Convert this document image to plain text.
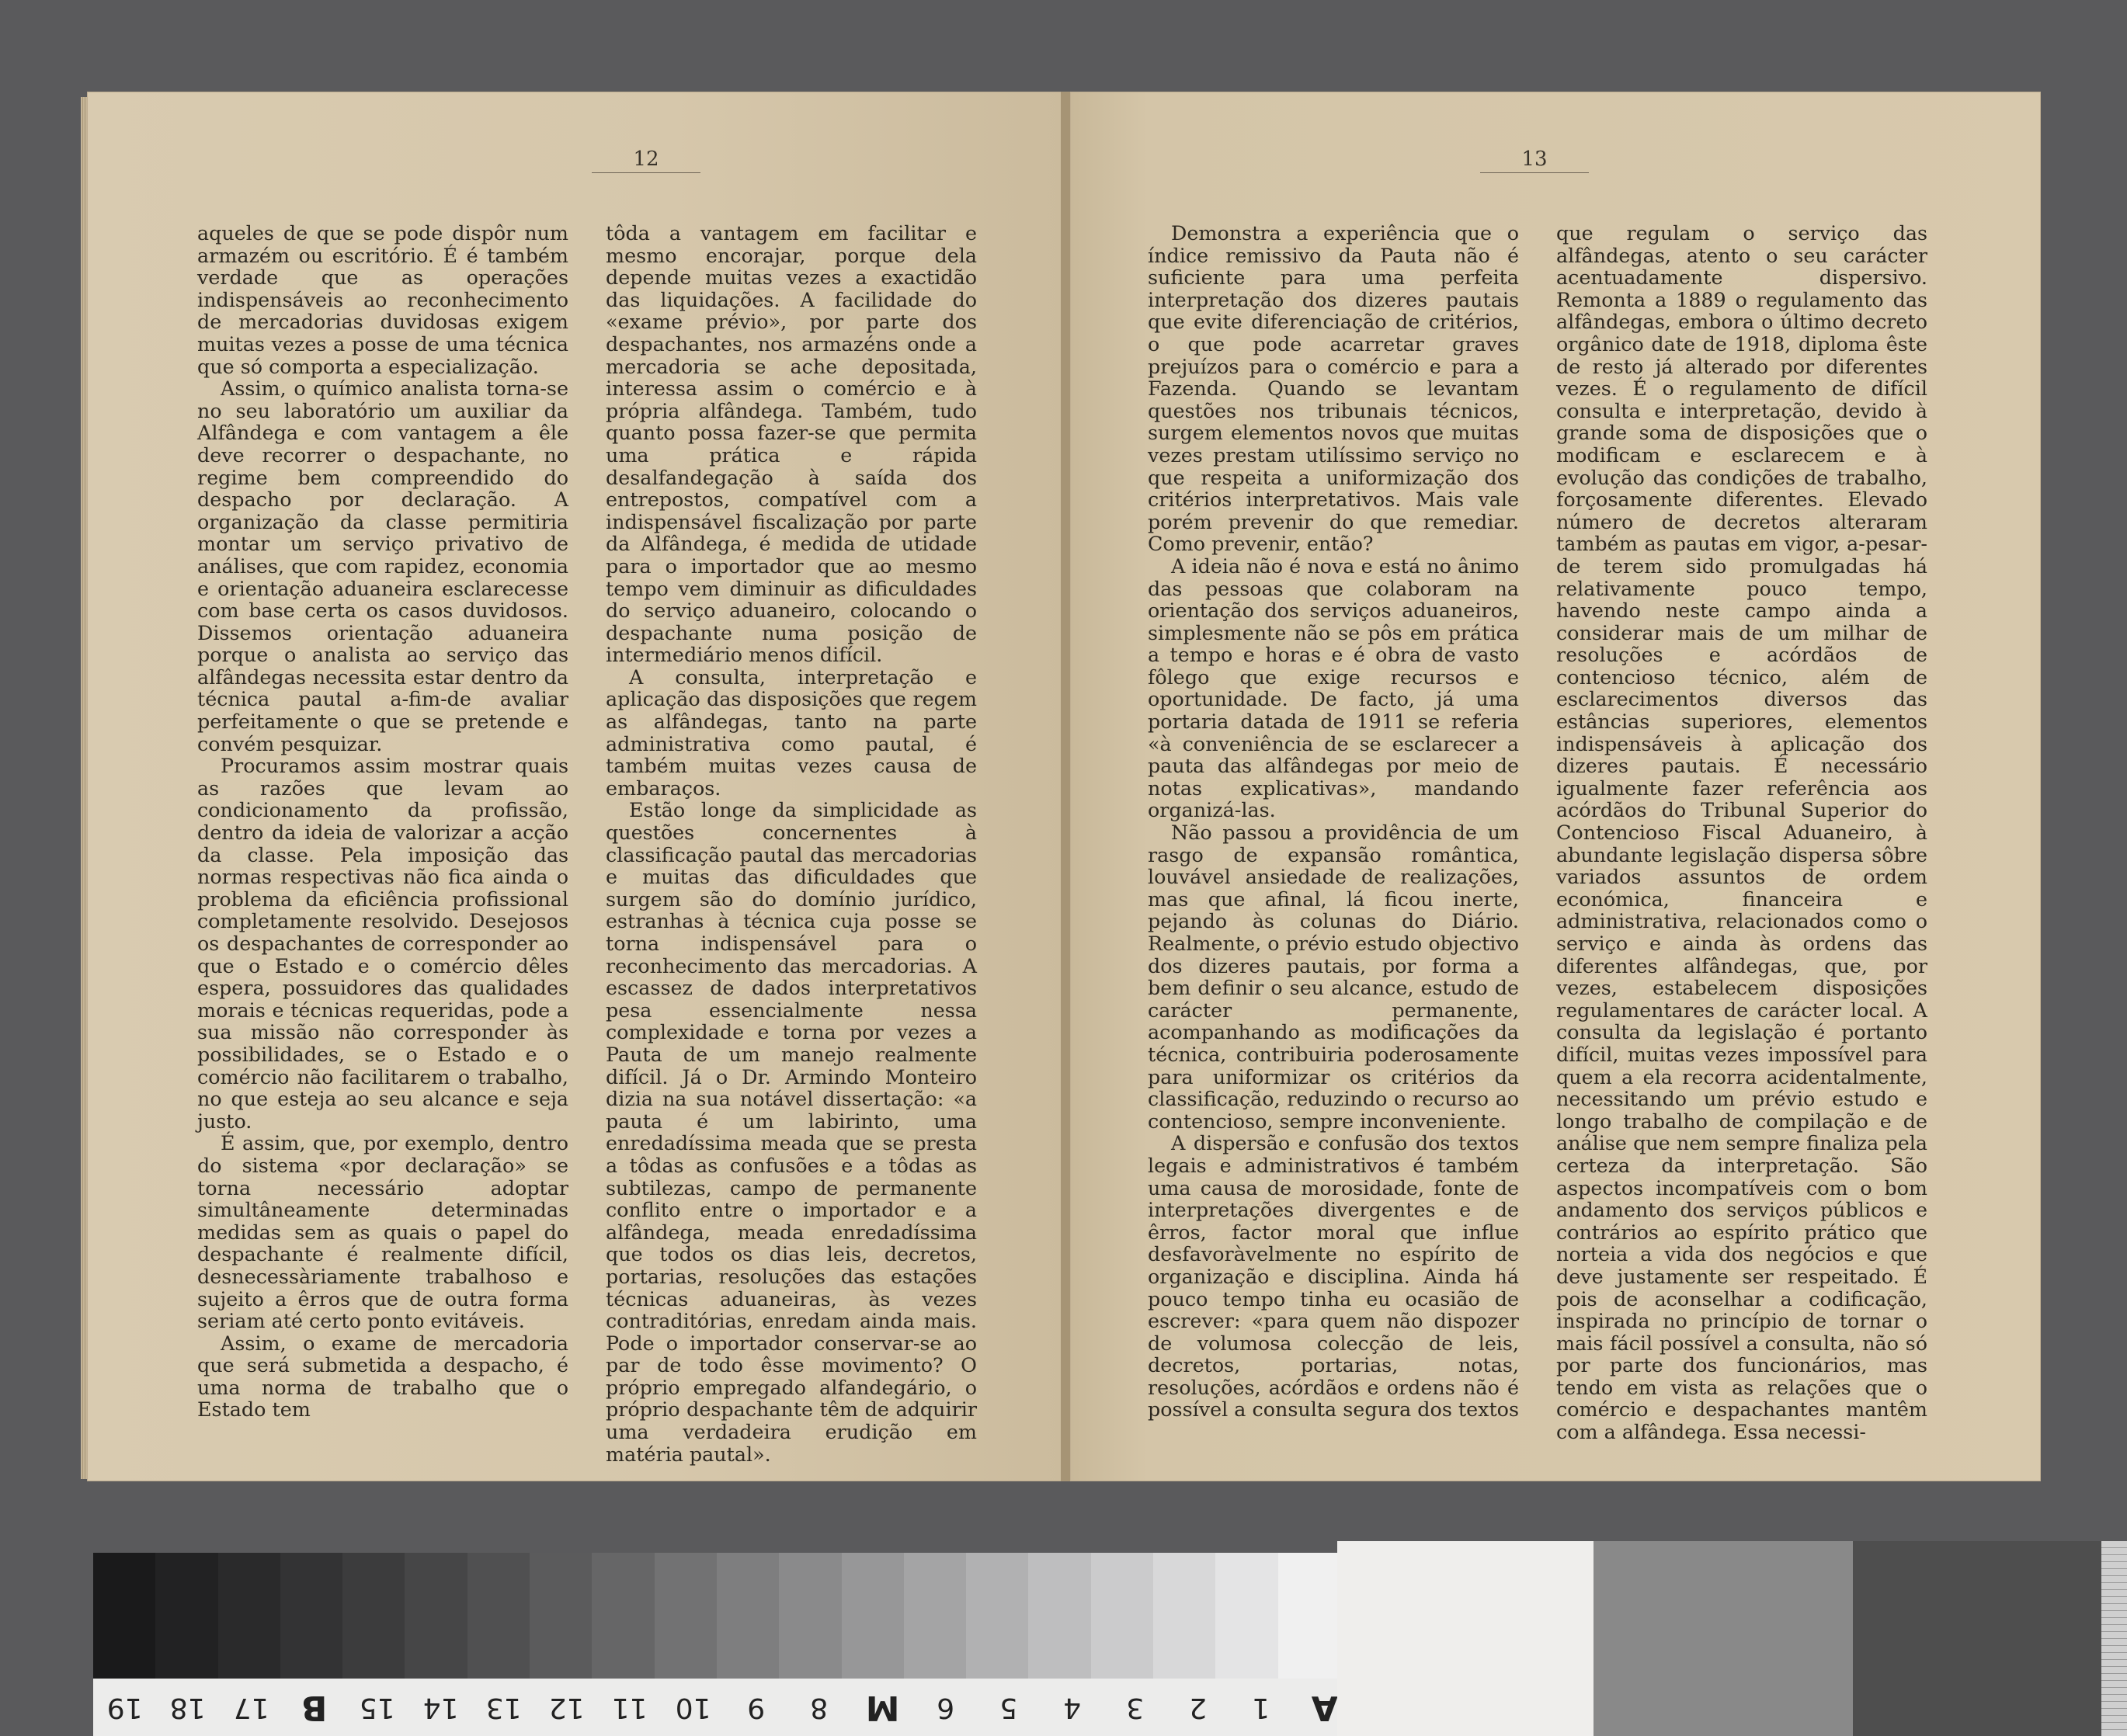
12

aqueles de que se pode dispôr num armazém ou escritório. É é também verdade que as operações indispensáveis ao reconhecimento de mercadorias duvidosas exigem muitas vezes a posse de uma técnica que só comporta a especialização.

Assim, o químico analista torna-se no seu laboratório um auxiliar da Alfândega e com vantagem a êle deve recorrer o despachante, no regime bem compreendido do despacho por declaração. A organização da classe permitiria montar um serviço privativo de análises, que com rapidez, economia e orientação aduaneira esclarecesse com base certa os casos duvidosos. Dissemos orientação aduaneira porque o analista ao serviço das alfândegas necessita estar dentro da técnica pautal a-fim-de avaliar perfeitamente o que se pretende e convém pesquizar.

Procuramos assim mostrar quais as razões que levam ao condicionamento da profissão, dentro da ideia de valorizar a acção da classe. Pela imposição das normas respectivas não fica ainda o problema da eficiência profissional completamente resolvido. Desejosos os despachantes de corresponder ao que o Estado e o comércio dêles espera, possuidores das qualidades morais e técnicas requeridas, pode a sua missão não corresponder às possibilidades, se o Estado e o comércio não facilitarem o trabalho, no que esteja ao seu alcance e seja justo.

É assim, que, por exemplo, dentro do sistema «por declaração» se torna necessário adoptar simultâneamente determinadas medidas sem as quais o papel do despachante é realmente difícil, desnecessàriamente trabalhoso e sujeito a êrros que de outra forma seriam até certo ponto evitáveis.

Assim, o exame de mercadoria que será submetida a despacho, é uma norma de trabalho que o Estado tem

tôda a vantagem em facilitar e mesmo encorajar, porque dela depende muitas vezes a exactidão das liquidações. A facilidade do «exame prévio», por parte dos despachantes, nos armazéns onde a mercadoria se ache depositada, interessa assim o comércio e à própria alfândega. Também, tudo quanto possa fazer-se que permita uma prática e rápida desalfandegação à saída dos entrepostos, compatível com a indispensável fiscalização por parte da Alfândega, é medida de utidade para o importador que ao mesmo tempo vem diminuir as dificuldades do serviço aduaneiro, colocando o despachante numa posição de intermediário menos difícil.

A consulta, interpretação e aplicação das disposições que regem as alfândegas, tanto na parte administrativa como pautal, é também muitas vezes causa de embaraços.

Estão longe da simplicidade as questões concernentes à classificação pautal das mercadorias e muitas das dificuldades que surgem são do domínio jurídico, estranhas à técnica cuja posse se torna indispensável para o reconhecimento das mercadorias. A escassez de dados interpretativos pesa essencialmente nessa complexidade e torna por vezes a Pauta de um manejo realmente difícil. Já o Dr. Armindo Monteiro dizia na sua notável dissertação: «a pauta é um labirinto, uma enredadíssima meada que se presta a tôdas as confusões e a tôdas as subtilezas, campo de permanente conflito entre o importador e a alfândega, meada enredadíssima que todos os dias leis, decretos, portarias, resoluções das estações técnicas aduaneiras, às vezes contraditórias, enredam ainda mais. Pode o importador conservar-se ao par de todo êsse movimento? O próprio empregado alfandegário, o próprio despachante têm de adquirir uma verdadeira erudição em matéria pautal».

13

Demonstra a experiência que o índice remissivo da Pauta não é suficiente para uma perfeita interpretação dos dizeres pautais que evite diferenciação de critérios, o que pode acarretar graves prejuízos para o comércio e para a Fazenda. Quando se levantam questões nos tribunais técnicos, surgem elementos novos que muitas vezes prestam utilíssimo serviço no que respeita a uniformização dos critérios interpretativos. Mais vale porém prevenir do que remediar. Como prevenir, então?

A ideia não é nova e está no ânimo das pessoas que colaboram na orientação dos serviços aduaneiros, simplesmente não se pôs em prática a tempo e horas e é obra de vasto fôlego que exige recursos e oportunidade. De facto, já uma portaria datada de 1911 se referia «à conveniência de se esclarecer a pauta das alfândegas por meio de notas explicativas», mandando organizá-las.

Não passou a providência de um rasgo de expansão romântica, louvável ansiedade de realizações, mas que afinal, lá ficou inerte, pejando às colunas do Diário. Realmente, o prévio estudo objectivo dos dizeres pautais, por forma a bem definir o seu alcance, estudo de carácter permanente, acompanhando as modificações da técnica, contribuiria poderosamente para uniformizar os critérios da classificação, reduzindo o recurso ao contencioso, sempre inconveniente.

A dispersão e confusão dos textos legais e administrativos é também uma causa de morosidade, fonte de interpretações divergentes e de êrros, factor moral que influe desfavoràvelmente no espírito de organização e disciplina. Ainda há pouco tempo tinha eu ocasião de escrever: «para quem não dispozer de volumosa colecção de leis, decretos, portarias, notas, resoluções, acórdãos e ordens não é possível a consulta segura dos textos

que regulam o serviço das alfândegas, atento o seu carácter acentuadamente dispersivo. Remonta a 1889 o regulamento das alfândegas, embora o último decreto orgânico date de 1918, diploma êste de resto já alterado por diferentes vezes. É o regulamento de difícil consulta e interpretação, devido à grande soma de disposições que o modificam e esclarecem e à evolução das condições de trabalho, forçosamente diferentes. Elevado número de decretos alteraram também as pautas em vigor, a-pesar-de terem sido promulgadas há relativamente pouco tempo, havendo neste campo ainda a considerar mais de um milhar de resoluções e acórdãos de contencioso técnico, além de esclarecimentos diversos das estâncias superiores, elementos indispensáveis à aplicação dos dizeres pautais. É necessário igualmente fazer referência aos acórdãos do Tribunal Superior do Contencioso Fiscal Aduaneiro, à abundante legislação dispersa sôbre variados assuntos de ordem económica, financeira e administrativa, relacionados como o serviço e ainda às ordens das diferentes alfândegas, que, por vezes, estabelecem disposições regulamentares de carácter local. A consulta da legislação é portanto difícil, muitas vezes impossível para quem a ela recorra acidentalmente, necessitando um prévio estudo e longo trabalho de compilação e de análise que nem sempre finaliza pela certeza da interpretação. São aspectos incompatíveis com o bom andamento dos serviços públicos e contrários ao espírito prático que norteia a vida dos negócios e que deve justamente ser respeitado. É pois de aconselhar a codificação, inspirada no princípio de tornar o mais fácil possível a consulta, não só por parte dos funcionários, mas tendo em vista as relações que o comércio e despachantes mantêm com a alfândega. Essa necessi-

A
1
2
3
4
5
6
M
8
9
10
11
12
13
14
15
B
17
18
19
